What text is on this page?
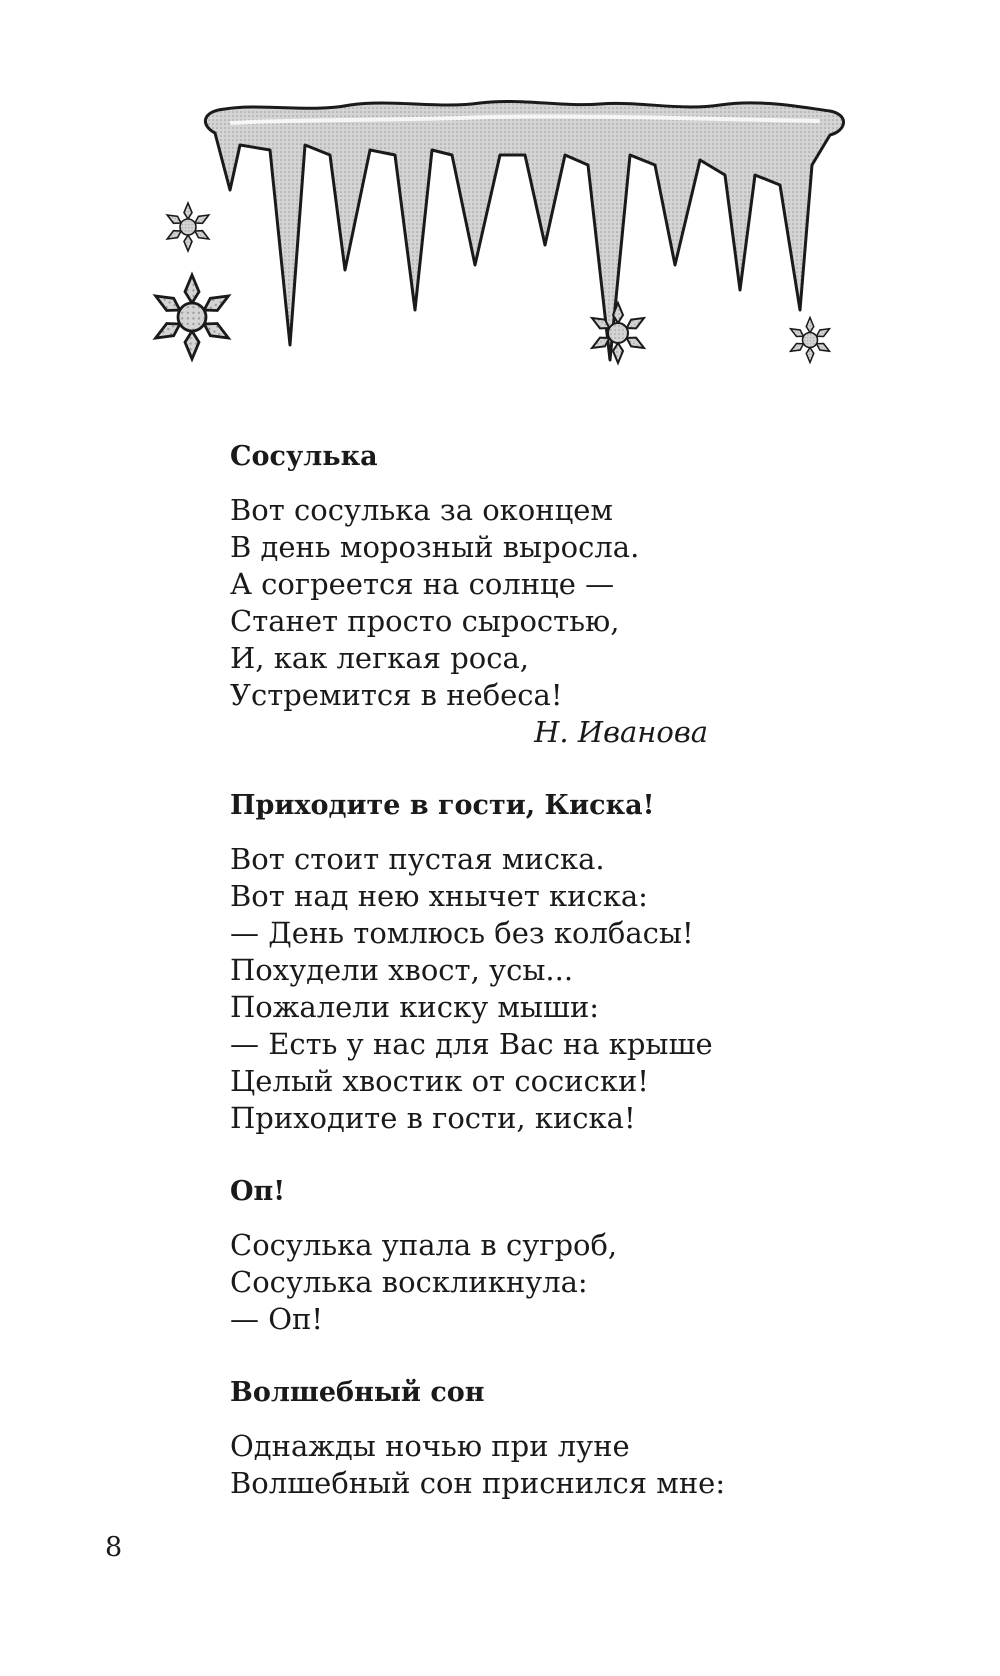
Сосулька
Вот сосулька за оконцем
В день морозный выросла.
А согреется на солнце —
Станет просто сыростью,
И, как легкая роса,
Устремится в небеса!
Н. Иванова
Приходите в гости, Киска!
Вот стоит пустая миска.
Вот над нею хнычет киска:
— День томлюсь без колбасы!
Похудели хвост, усы...
Пожалели киску мыши:
— Есть у нас для Вас на крыше
Целый хвостик от сосиски!
Приходите в гости, киска!
Оп!
Сосулька упала в сугроб,
Сосулька воскликнула:
— Оп!
Волшебный сон
Однажды ночью при луне
Волшебный сон приснился мне:
8
